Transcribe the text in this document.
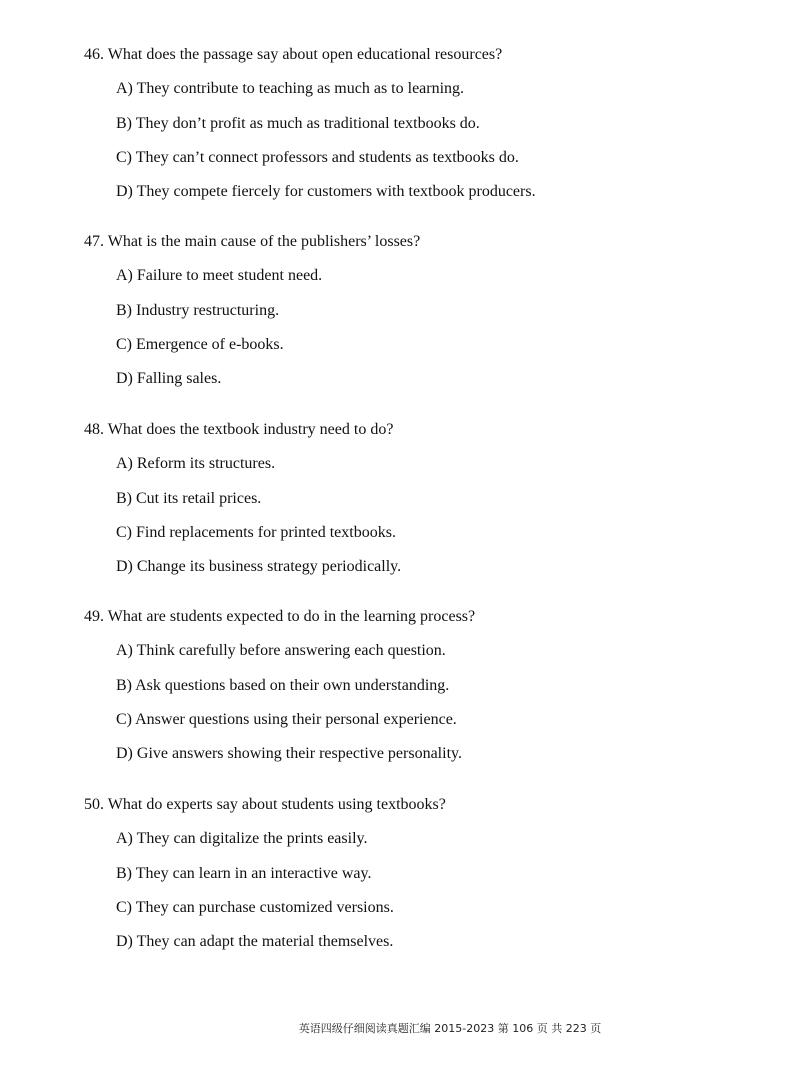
46. What does the passage say about open educational resources?

A) They contribute to teaching as much as to learning.
B) They don’t profit as much as traditional textbooks do.
C) They can’t connect professors and students as textbooks do.
D) They compete fiercely for customers with textbook producers.

47. What is the main cause of the publishers’ losses?

A) Failure to meet student need.
B) Industry restructuring.
C) Emergence of e-books.
D) Falling sales.

48. What does the textbook industry need to do?

A) Reform its structures.
B) Cut its retail prices.
C) Find replacements for printed textbooks.
D) Change its business strategy periodically.

49. What are students expected to do in the learning process?

A) Think carefully before answering each question.
B) Ask questions based on their own understanding.
C) Answer questions using their personal experience.
D) Give answers showing their respective personality.

50. What do experts say about students using textbooks?

A) They can digitalize the prints easily.
B) They can learn in an interactive way.
C) They can purchase customized versions.
D) They can adapt the material themselves.
英语四级仔细阅读真题汇编 2015-2023 第 106 页 共 223 页
